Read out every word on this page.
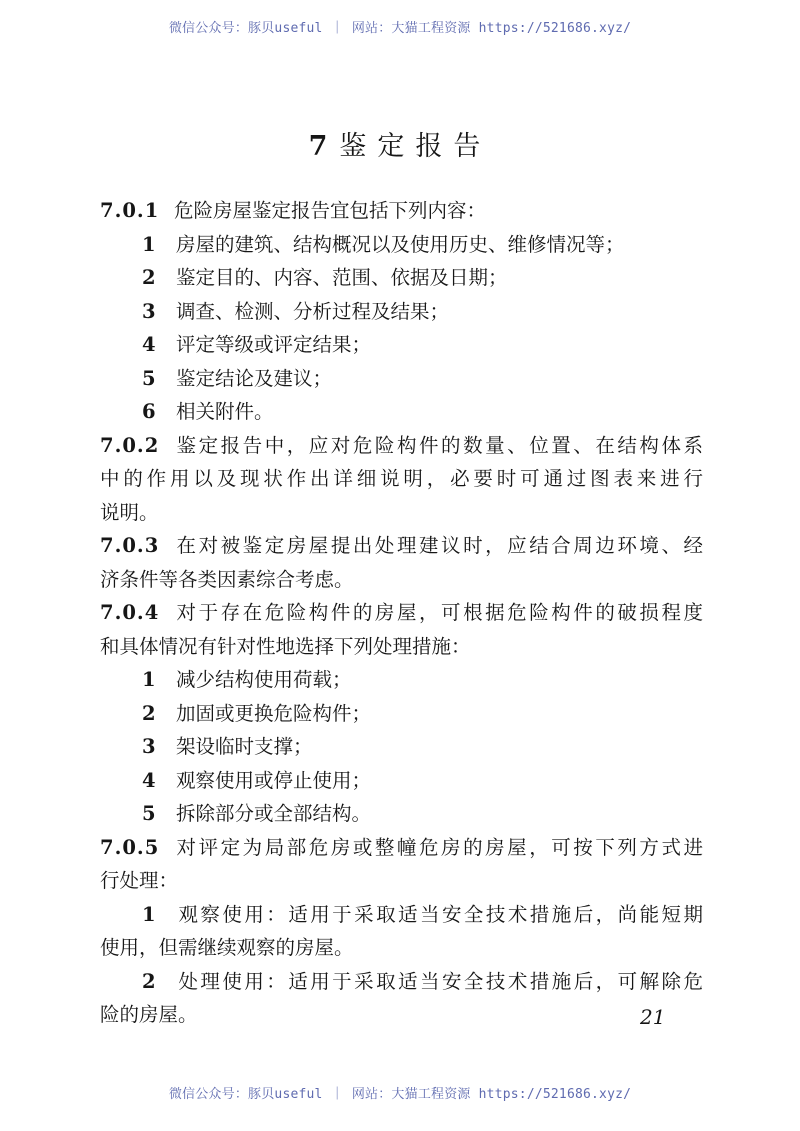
微信公众号：豚贝useful ｜ 网站：大猫工程资源 https://521686.xyz/
7 鉴定报告
7.0.1 危险房屋鉴定报告宜包括下列内容：
1 房屋的建筑、结构概况以及使用历史、维修情况等；
2 鉴定目的、内容、范围、依据及日期；
3 调查、检测、分析过程及结果；
4 评定等级或评定结果；
5 鉴定结论及建议；
6 相关附件。
7.0.2 鉴定报告中，应对危险构件的数量、位置、在结构体系
中的作用以及现状作出详细说明，必要时可通过图表来进行
说明。
7.0.3 在对被鉴定房屋提出处理建议时，应结合周边环境、经
济条件等各类因素综合考虑。
7.0.4 对于存在危险构件的房屋，可根据危险构件的破损程度
和具体情况有针对性地选择下列处理措施：
1 减少结构使用荷载；
2 加固或更换危险构件；
3 架设临时支撑；
4 观察使用或停止使用；
5 拆除部分或全部结构。
7.0.5 对评定为局部危房或整幢危房的房屋，可按下列方式进
行处理：
1 观察使用：适用于采取适当安全技术措施后，尚能短期
使用，但需继续观察的房屋。
2 处理使用：适用于采取适当安全技术措施后，可解除危
险的房屋。	21
微信公众号：豚贝useful ｜ 网站：大猫工程资源 https://521686.xyz/
